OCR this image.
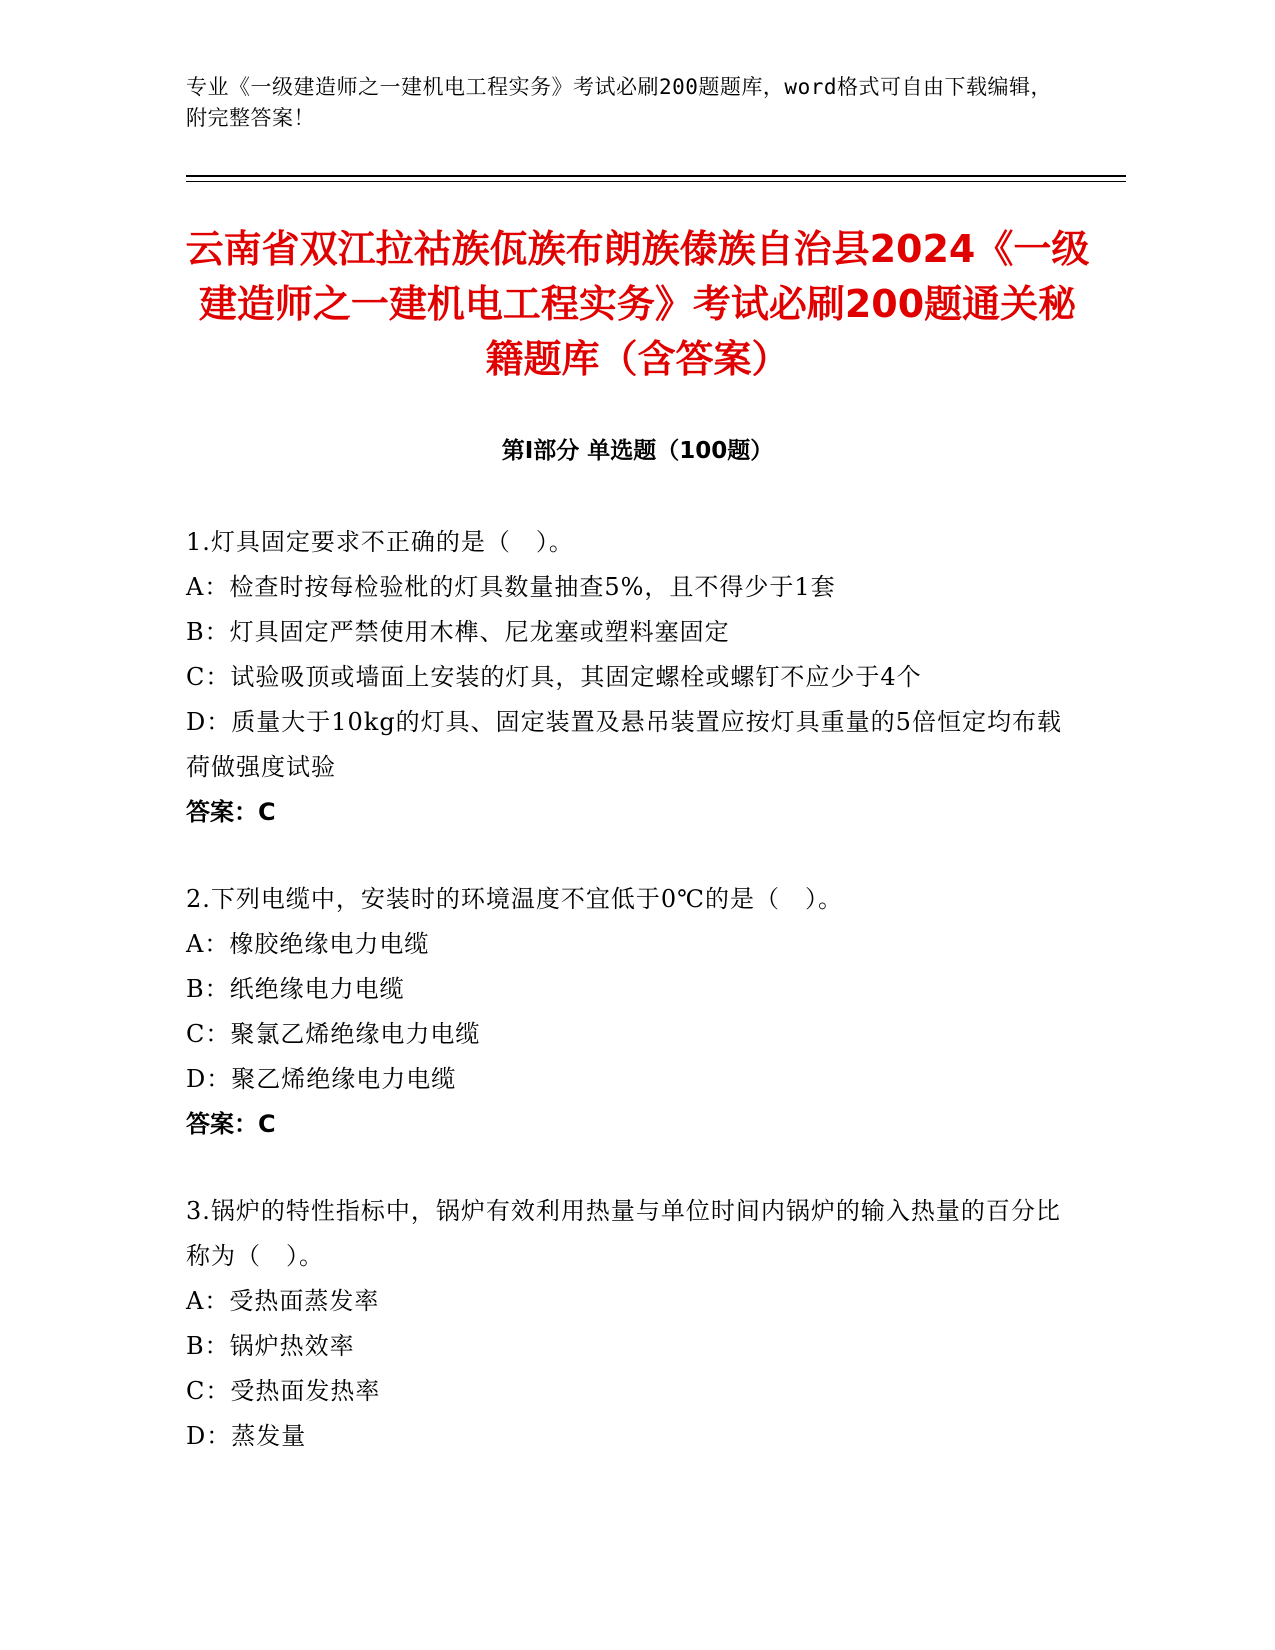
专业《一级建造师之一建机电工程实务》考试必刷200题题库，word格式可自由下载编辑，附完整答案！
云南省双江拉祜族佤族布朗族傣族自治县2024《一级建造师之一建机电工程实务》考试必刷200题通关秘籍题库（含答案）
第Ⅰ部分 单选题（100题）
1.灯具固定要求不正确的是（　）。
A：检查时按每检验枇的灯具数量抽查5%，且不得少于1套
B：灯具固定严禁使用木榫、尼龙塞或塑料塞固定
C：试验吸顶或墙面上安装的灯具，其固定螺栓或螺钉不应少于4个
D：质量大于10kg的灯具、固定装置及悬吊装置应按灯具重量的5倍恒定均布载荷做强度试验
答案：C
2.下列电缆中，安装时的环境温度不宜低于0℃的是（　）。
A：橡胶绝缘电力电缆
B：纸绝缘电力电缆
C：聚氯乙烯绝缘电力电缆
D：聚乙烯绝缘电力电缆
答案：C
3.锅炉的特性指标中，锅炉有效利用热量与单位时间内锅炉的输入热量的百分比称为（　）。
A：受热面蒸发率
B：锅炉热效率
C：受热面发热率
D：蒸发量
